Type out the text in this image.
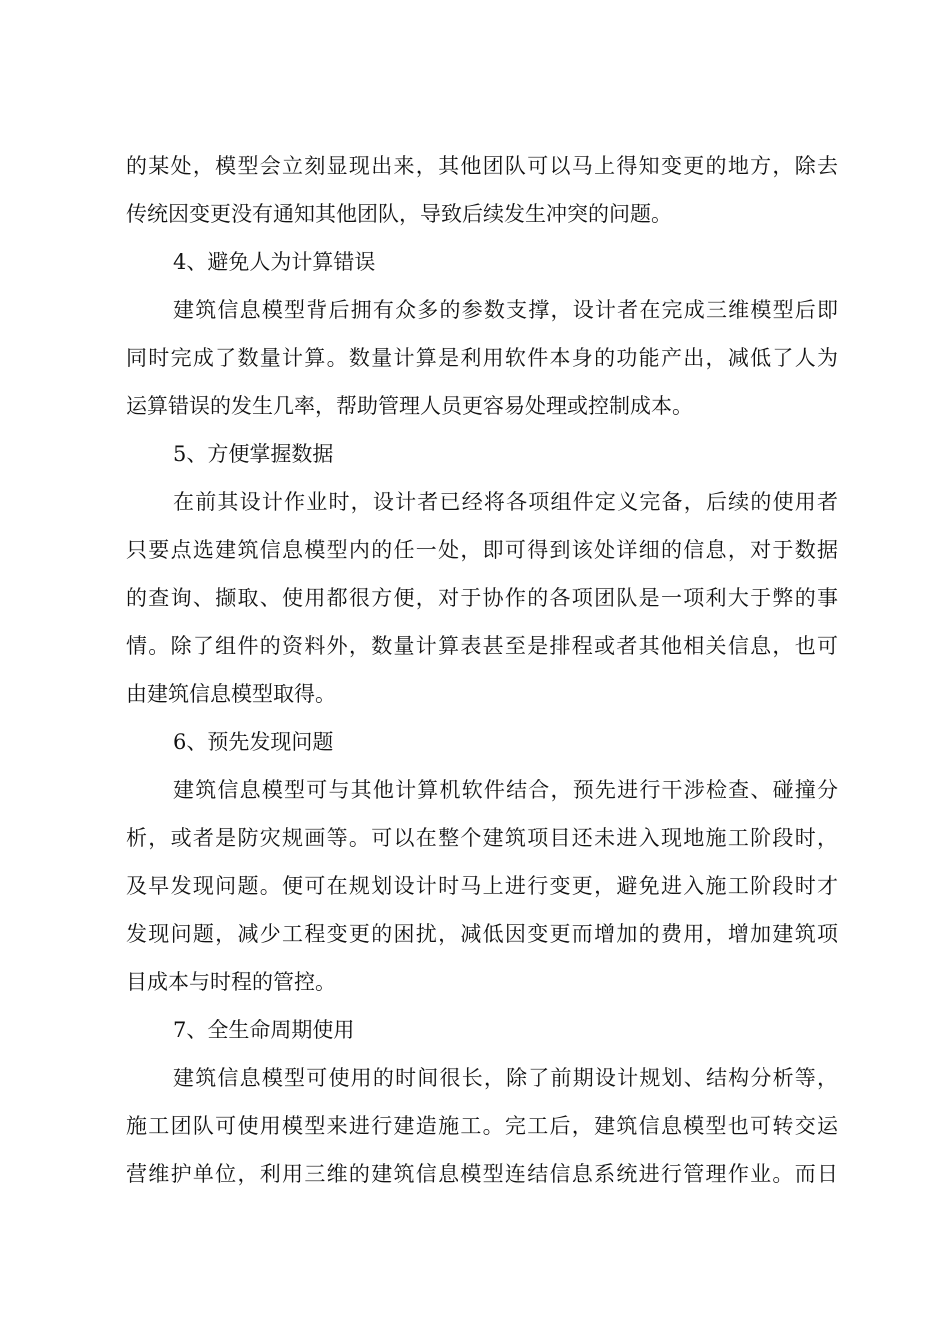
的某处，模型会立刻显现出来，其他团队可以马上得知变更的地方，除去
传统因变更没有通知其他团队，导致后续发生冲突的问题。
4、避免人为计算错误
建筑信息模型背后拥有众多的参数支撑，设计者在完成三维模型后即
同时完成了数量计算。数量计算是利用软件本身的功能产出，减低了人为
运算错误的发生几率，帮助管理人员更容易处理或控制成本。
5、方便掌握数据
在前其设计作业时，设计者已经将各项组件定义完备，后续的使用者
只要点选建筑信息模型内的任一处，即可得到该处详细的信息，对于数据
的查询、撷取、使用都很方便，对于协作的各项团队是一项利大于弊的事
情。除了组件的资料外，数量计算表甚至是排程或者其他相关信息，也可
由建筑信息模型取得。
6、预先发现问题
建筑信息模型可与其他计算机软件结合，预先进行干涉检查、碰撞分
析，或者是防灾规画等。可以在整个建筑项目还未进入现地施工阶段时，
及早发现问题。便可在规划设计时马上进行变更，避免进入施工阶段时才
发现问题，减少工程变更的困扰，减低因变更而增加的费用，增加建筑项
目成本与时程的管控。
7、全生命周期使用
建筑信息模型可使用的时间很长，除了前期设计规划、结构分析等，
施工团队可使用模型来进行建造施工。完工后，建筑信息模型也可转交运
营维护单位，利用三维的建筑信息模型连结信息系统进行管理作业。而日
